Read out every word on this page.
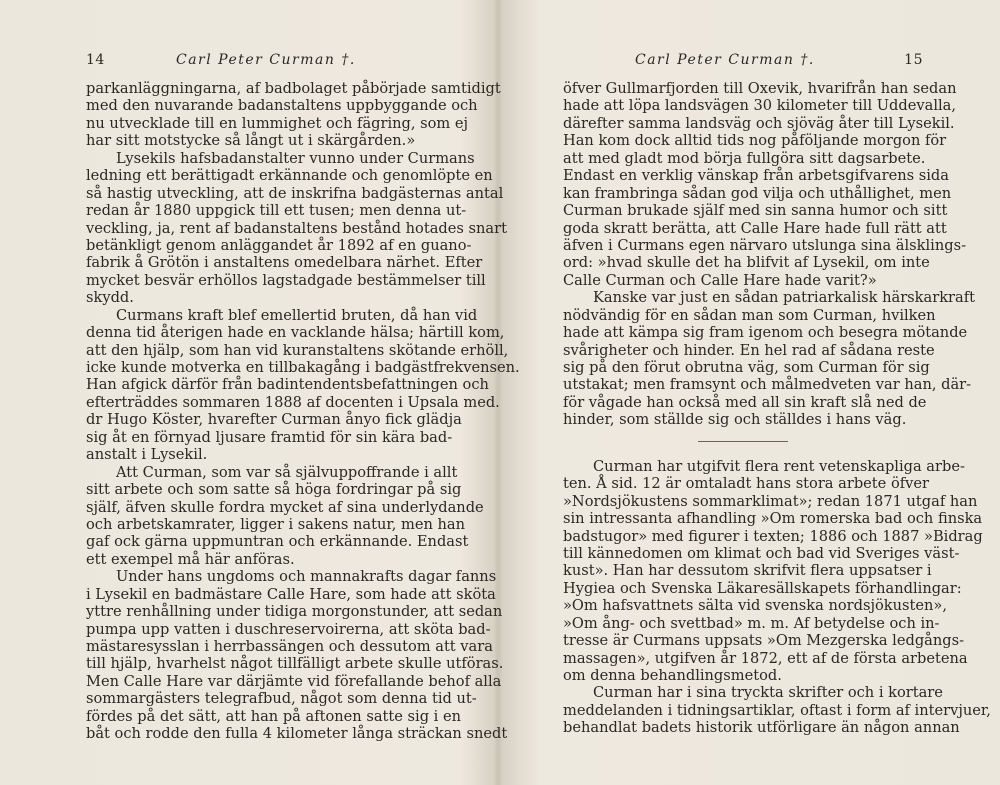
14	Carl Peter Curman †.
parkanläggningarna, af badbolaget påbörjade samtidigt
med den nuvarande badanstaltens uppbyggande och
nu utvecklade till en lummighet och fägring, som ej
har sitt motstycke så långt ut i skärgården.»
Lysekils hafsbadanstalter vunno under Curmans
ledning ett berättigadt erkännande och genomlöpte en
så hastig utveckling, att de inskrifna badgästernas antal
redan år 1880 uppgick till ett tusen; men denna ut-
veckling, ja, rent af badanstaltens bestånd hotades snart
betänkligt genom anläggandet år 1892 af en guano-
fabrik å Grötön i anstaltens omedelbara närhet. Efter
mycket besvär erhöllos lagstadgade bestämmelser till
skydd.
Curmans kraft blef emellertid bruten, då han vid
denna tid återigen hade en vacklande hälsa; härtill kom,
att den hjälp, som han vid kuranstaltens skötande erhöll,
icke kunde motverka en tillbakagång i badgästfrekvensen.
Han afgick därför från badintendentsbefattningen och
efterträddes sommaren 1888 af docenten i Upsala med.
dr Hugo Köster, hvarefter Curman ånyo fick glädja
sig åt en förnyad ljusare framtid för sin kära bad-
anstalt i Lysekil.
Att Curman, som var så självuppoffrande i allt
sitt arbete och som satte så höga fordringar på sig
själf, äfven skulle fordra mycket af sina underlydande
och arbetskamrater, ligger i sakens natur, men han
gaf ock gärna uppmuntran och erkännande. Endast
ett exempel må här anföras.
Under hans ungdoms och mannakrafts dagar fanns
i Lysekil en badmästare Calle Hare, som hade att sköta
yttre renhållning under tidiga morgonstunder, att sedan
pumpa upp vatten i duschreservoirerna, att sköta bad-
mästaresysslan i herrbassängen och dessutom att vara
till hjälp, hvarhelst något tillfälligt arbete skulle utföras.
Men Calle Hare var därjämte vid förefallande behof alla
sommargästers telegrafbud, något som denna tid ut-
fördes på det sätt, att han på aftonen satte sig i en
båt och rodde den fulla 4 kilometer långa sträckan snedt
Carl Peter Curman †.	15
öfver Gullmarfjorden till Oxevik, hvarifrån han sedan
hade att löpa landsvägen 30 kilometer till Uddevalla,
därefter samma landsväg och sjöväg åter till Lysekil.
Han kom dock alltid tids nog påföljande morgon för
att med gladt mod börja fullgöra sitt dagsarbete.
Endast en verklig vänskap från arbetsgifvarens sida
kan frambringa sådan god vilja och uthållighet, men
Curman brukade själf med sin sanna humor och sitt
goda skratt berätta, att Calle Hare hade full rätt att
äfven i Curmans egen närvaro utslunga sina älsklings-
ord: »hvad skulle det ha blifvit af Lysekil, om inte
Calle Curman och Calle Hare hade varit?»
Kanske var just en sådan patriarkalisk härskarkraft
nödvändig för en sådan man som Curman, hvilken
hade att kämpa sig fram igenom och besegra mötande
svårigheter och hinder. En hel rad af sådana reste
sig på den förut obrutna väg, som Curman för sig
utstakat; men framsynt och målmedveten var han, där-
för vågade han också med all sin kraft slå ned de
hinder, som ställde sig och ställdes i hans väg.
Curman har utgifvit flera rent vetenskapliga arbe-
ten. Å sid. 12 är omtaladt hans stora arbete öfver
»Nordsjökustens sommarklimat»; redan 1871 utgaf han
sin intressanta afhandling »Om romerska bad och finska
badstugor» med figurer i texten; 1886 och 1887 »Bidrag
till kännedomen om klimat och bad vid Sveriges väst-
kust». Han har dessutom skrifvit flera uppsatser i
Hygiea och Svenska Läkaresällskapets förhandlingar:
»Om hafsvattnets sälta vid svenska nordsjökusten»,
»Om ång- och svettbad» m. m. Af betydelse och in-
tresse är Curmans uppsats »Om Mezgerska ledgångs-
massagen», utgifven år 1872, ett af de första arbetena
om denna behandlingsmetod.
Curman har i sina tryckta skrifter och i kortare
meddelanden i tidningsartiklar, oftast i form af intervjuer,
behandlat badets historik utförligare än någon annan
